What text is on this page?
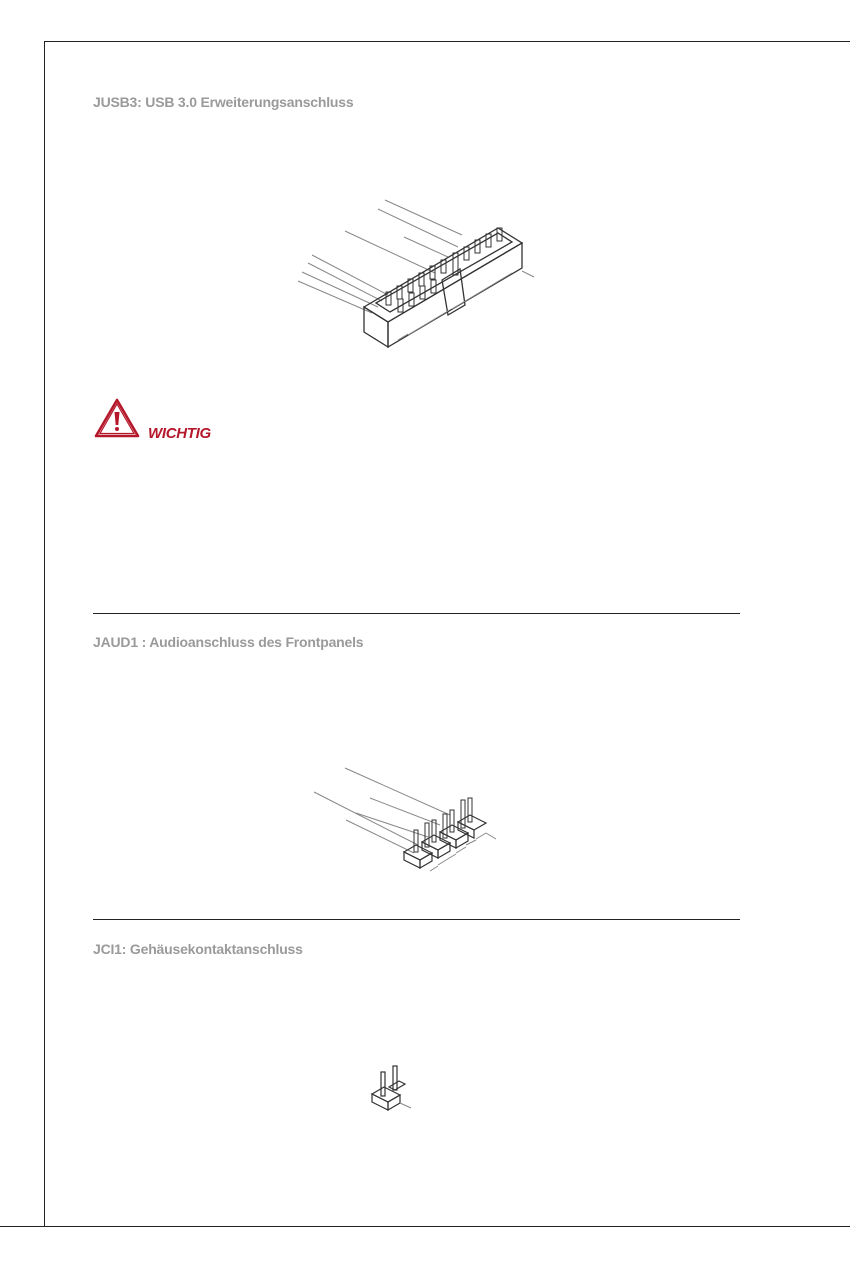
JUSB3: USB 3.0 Erweiterungsanschluss

WICHTIG

JAUD1 : Audioanschluss des Frontpanels
JCI1: Gehäusekontaktanschluss
